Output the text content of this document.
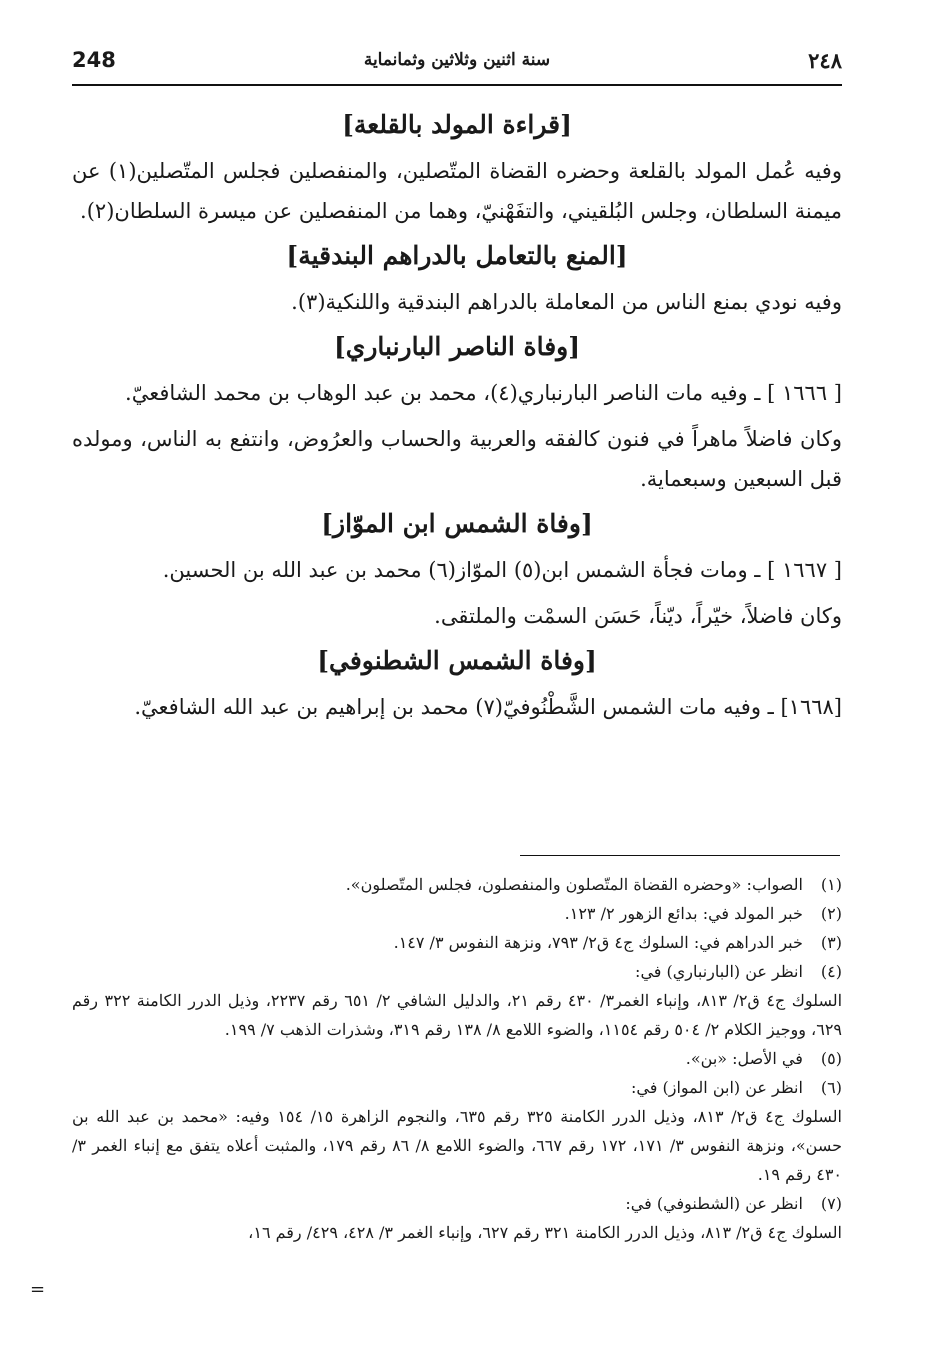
248	سنة اثنين وثلاثين وثمانماية	٢٤٨
[قراءة المولد بالقلعة]

وفيه عُمل المولد بالقلعة وحضره القضاة المتّصلين، والمنفصلين فجلس المتّصلين(١) عن ميمنة السلطان، وجلس البُلقيني، والتفَهْنيّ، وهما من المنفصلين عن ميسرة السلطان(٢).

[المنع بالتعامل بالدراهم البندقية]

وفيه نودي بمنع الناس من المعاملة بالدراهم البندقية واللنكية(٣).

[وفاة الناصر البارنباري]

[ ١٦٦٦ ] ـ وفيه مات الناصر البارنباري(٤)، محمد بن عبد الوهاب بن محمد الشافعيّ.

وكان فاضلاً ماهراً في فنون كالفقه والعربية والحساب والعرُوض، وانتفع به الناس، ومولده قبل السبعين وسبعماية.

[وفاة الشمس ابن الموّاز]

[ ١٦٦٧ ] ـ ومات فجأة الشمس ابن(٥) الموّاز(٦) محمد بن عبد الله بن الحسين.

وكان فاضلاً، خيّراً، ديّناً، حَسَن السمْت والملتقى.

[وفاة الشمس الشطنوفي]

[١٦٦٨] ـ وفيه مات الشمس الشَّطْنُوفيّ(٧) محمد بن إبراهيم بن عبد الله الشافعيّ.

(١) الصواب: «وحضره القضاة المتّصلون والمنفصلون، فجلس المتّصلون».

(٢) خبر المولد في: بدائع الزهور ٢/ ١٢٣.

(٣) خبر الدراهم في: السلوك ج٤ ق٢/ ٧٩٣، ونزهة النفوس ٣/ ١٤٧.

(٤) انظر عن (البارنباري) في:

السلوك ج٤ ق٢/ ٨١٣، وإنباء الغمر٣/ ٤٣٠ رقم ٢١، والدليل الشافي ٢/ ٦٥١ رقم ٢٢٣٧، وذيل الدرر الكامنة ٣٢٢ رقم ٦٢٩، ووجيز الكلام ٢/ ٥٠٤ رقم ١١٥٤، والضوء اللامع ٨/ ١٣٨ رقم ٣١٩، وشذرات الذهب ٧/ ١٩٩.

(٥) في الأصل: «بن».

(٦) انظر عن (ابن المواز) في:

السلوك ج٤ ق٢/ ٨١٣، وذيل الدرر الكامنة ٣٢٥ رقم ٦٣٥، والنجوم الزاهرة ١٥/ ١٥٤ وفيه: «محمد بن عبد الله بن حسن»، ونزهة النفوس ٣/ ١٧١، ١٧٢ رقم ٦٦٧، والضوء اللامع ٨/ ٨٦ رقم ١٧٩، والمثبت أعلاه يتفق مع إنباء الغمر ٣/ ٤٣٠ رقم ١٩.

(٧) انظر عن (الشطنوفي) في:

السلوك ج٤ ق٢/ ٨١٣، وذيل الدرر الكامنة ٣٢١ رقم ٦٢٧، وإنباء الغمر ٣/ ٤٢٨، ٤٢٩/ رقم ١٦،

=
